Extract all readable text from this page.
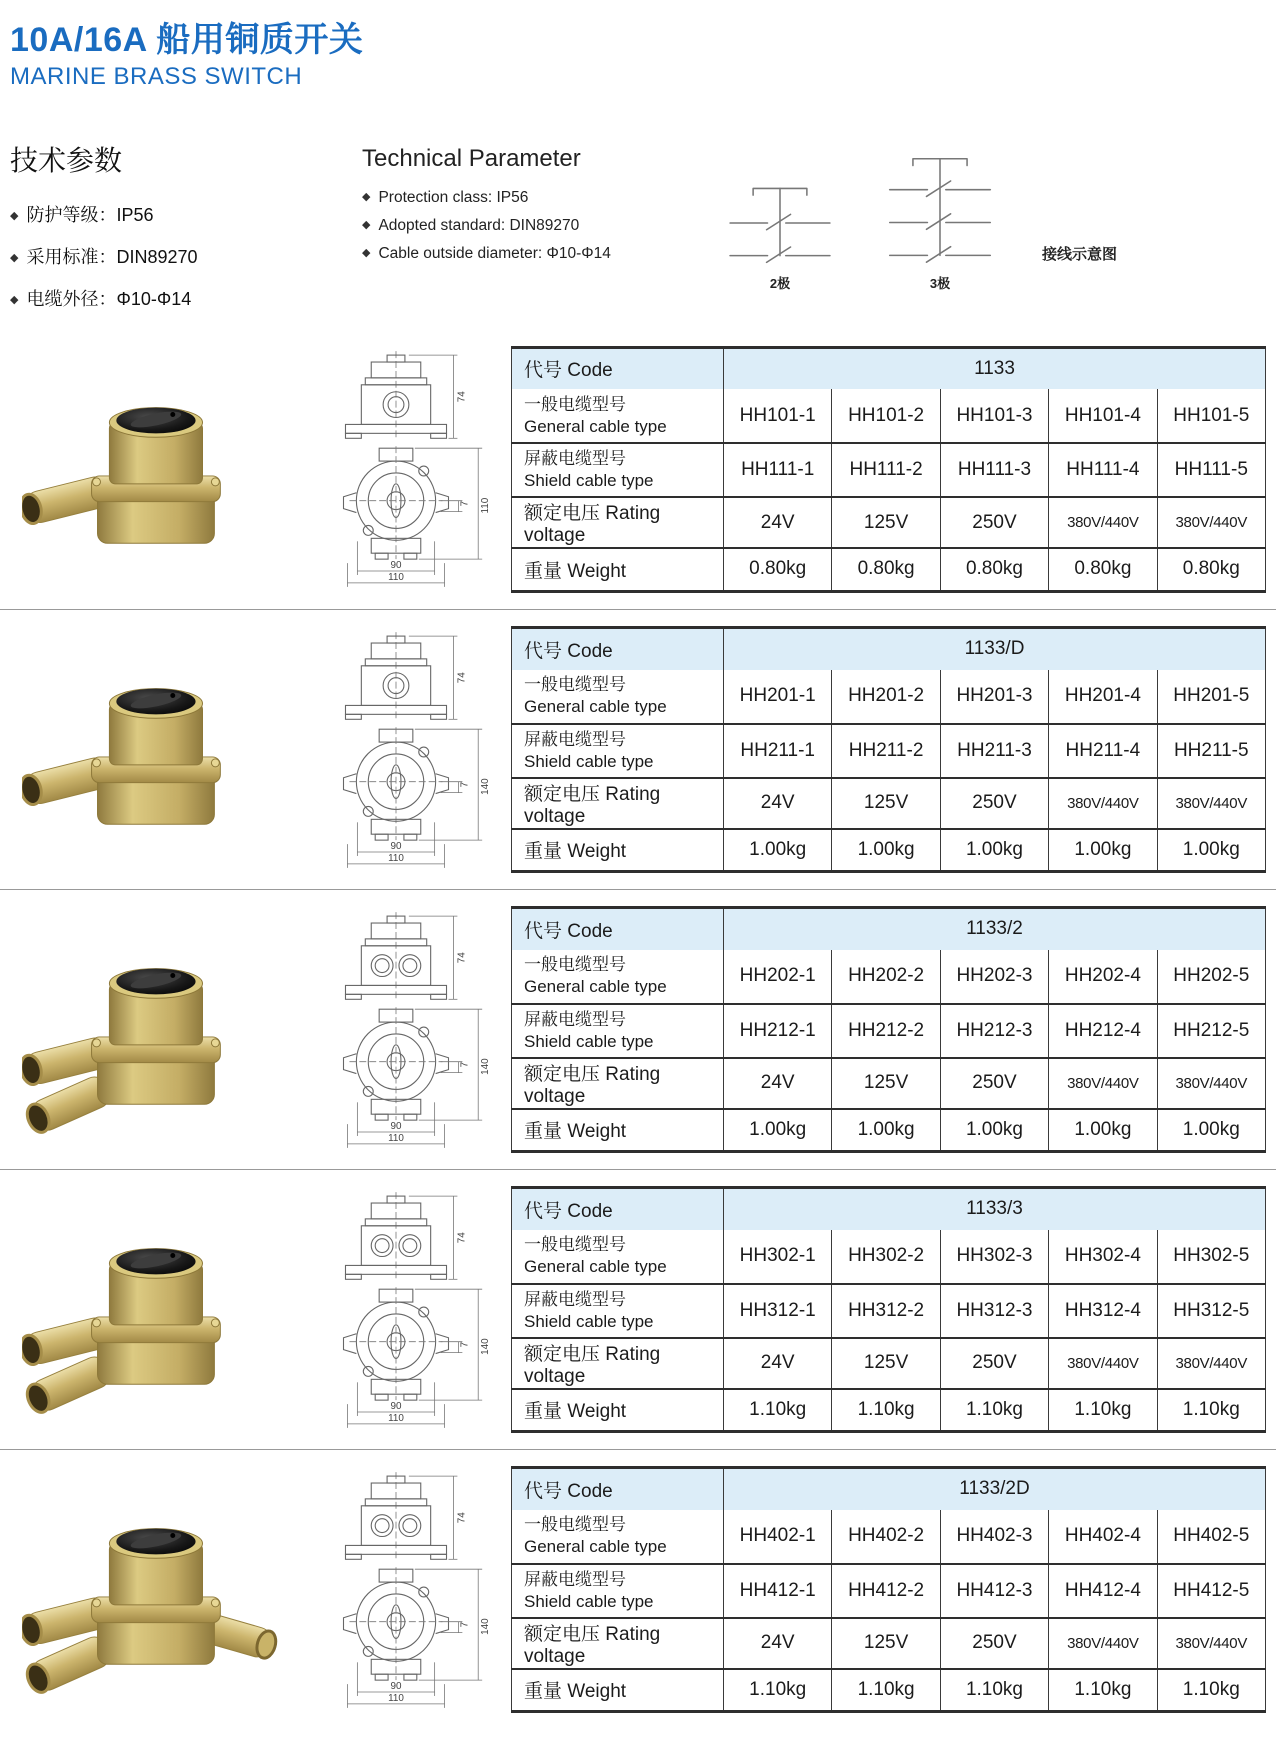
10A/16A 船用铜质开关
MARINE BRASS SWITCH
技术参数
◆ 防护等级：IP56
◆ 采用标准：DIN89270
◆ 电缆外径：Φ10-Φ14
Technical Parameter
◆ Protection class: IP56
◆ Adopted standard: DIN89270
◆ Cable outside diameter: Φ10-Φ14
2极	3极
接线示意图
74
7 110
90
110
代号 Code	1133				
一般电缆型号
General cable type	HH101-1	HH101-2	HH101-3	HH101-4	HH101-5
屏蔽电缆型号
Shield cable type	HH111-1	HH111-2	HH111-3	HH111-4	HH111-5
额定电压 Rating voltage	24V	125V	250V	380V/440V	380V/440V
重量 Weight	0.80kg	0.80kg	0.80kg	0.80kg	0.80kg
74
7 140
90
110
代号 Code	1133/D				
一般电缆型号
General cable type	HH201-1	HH201-2	HH201-3	HH201-4	HH201-5
屏蔽电缆型号
Shield cable type	HH211-1	HH211-2	HH211-3	HH211-4	HH211-5
额定电压 Rating voltage	24V	125V	250V	380V/440V	380V/440V
重量 Weight	1.00kg	1.00kg	1.00kg	1.00kg	1.00kg
74
7 140
90
110
代号 Code	1133/2				
一般电缆型号
General cable type	HH202-1	HH202-2	HH202-3	HH202-4	HH202-5
屏蔽电缆型号
Shield cable type	HH212-1	HH212-2	HH212-3	HH212-4	HH212-5
额定电压 Rating voltage	24V	125V	250V	380V/440V	380V/440V
重量 Weight	1.00kg	1.00kg	1.00kg	1.00kg	1.00kg
74
7 140
90
110
代号 Code	1133/3				
一般电缆型号
General cable type	HH302-1	HH302-2	HH302-3	HH302-4	HH302-5
屏蔽电缆型号
Shield cable type	HH312-1	HH312-2	HH312-3	HH312-4	HH312-5
额定电压 Rating voltage	24V	125V	250V	380V/440V	380V/440V
重量 Weight	1.10kg	1.10kg	1.10kg	1.10kg	1.10kg
74
7 140
90
110
代号 Code	1133/2D				
一般电缆型号
General cable type	HH402-1	HH402-2	HH402-3	HH402-4	HH402-5
屏蔽电缆型号
Shield cable type	HH412-1	HH412-2	HH412-3	HH412-4	HH412-5
额定电压 Rating voltage	24V	125V	250V	380V/440V	380V/440V
重量 Weight	1.10kg	1.10kg	1.10kg	1.10kg	1.10kg
